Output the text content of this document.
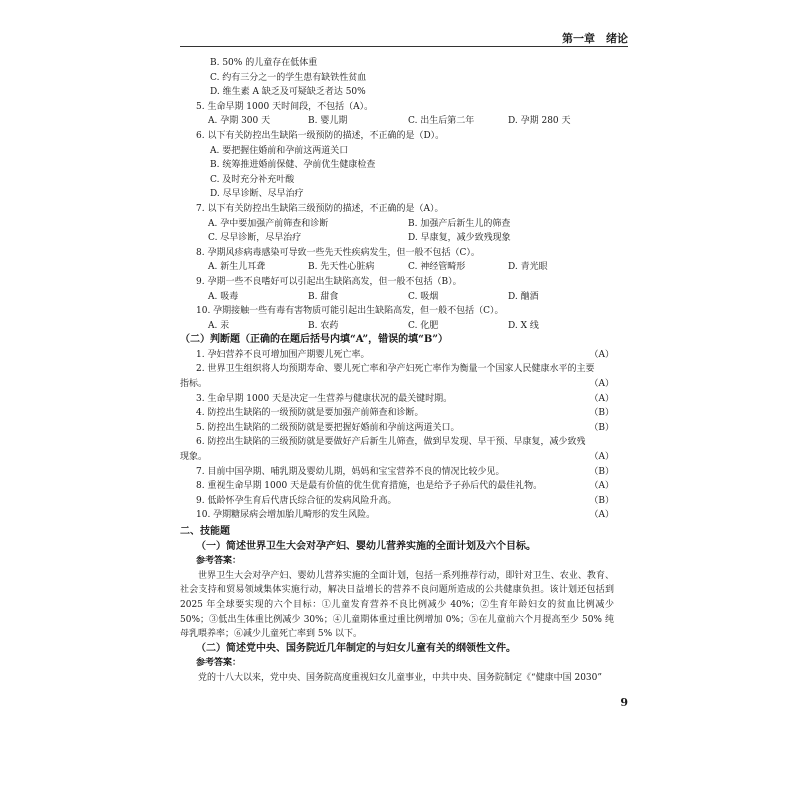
第一章　绪论
B. 50% 的儿童存在低体重
C. 约有三分之一的学生患有缺铁性贫血
D. 维生素 A 缺乏及可疑缺乏者达 50%
5. 生命早期 1000 天时间段，不包括（A）。
A. 孕期 300 天	B. 婴儿期	C. 出生后第二年	D. 孕期 280 天
6. 以下有关防控出生缺陷一级预防的描述，不正确的是（D）。
A. 要把握住婚前和孕前这两道关口
B. 统筹推进婚前保健、孕前优生健康检查
C. 及时充分补充叶酸
D. 尽早诊断、尽早治疗
7. 以下有关防控出生缺陷三级预防的描述，不正确的是（A）。
A. 孕中要加强产前筛查和诊断	B. 加强产后新生儿的筛查
C. 尽早诊断，尽早治疗	D. 早康复，减少致残现象
8. 孕期风疹病毒感染可导致一些先天性疾病发生，但一般不包括（C）。
A. 新生儿耳聋	B. 先天性心脏病	C. 神经管畸形	D. 青光眼
9. 孕期一些不良嗜好可以引起出生缺陷高发，但一般不包括（B）。
A. 吸毒	B. 甜食	C. 吸烟	D. 酗酒
10. 孕期接触一些有毒有害物质可能引起出生缺陷高发，但一般不包括（C）。
A. 汞	B. 农药	C. 化肥	D. X 线
（二）判断题（正确的在题后括号内填“A”，错误的填“B”）
1. 孕妇营养不良可增加围产期婴儿死亡率。	（A）
2. 世界卫生组织将人均预期寿命、婴儿死亡率和孕产妇死亡率作为衡量一个国家人民健康水平的主要
指标。	（A）
3. 生命早期 1000 天是决定一生营养与健康状况的最关键时期。	（A）
4. 防控出生缺陷的一级预防就是要加强产前筛查和诊断。	（B）
5. 防控出生缺陷的二级预防就是要把握好婚前和孕前这两道关口。	（B）
6. 防控出生缺陷的三级预防就是要做好产后新生儿筛查，做到早发现、早干预、早康复，减少致残
现象。	（A）
7. 目前中国孕期、哺乳期及婴幼儿期，妈妈和宝宝营养不良的情况比较少见。	（B）
8. 重视生命早期 1000 天是最有价值的优生优育措施，也是给予子孙后代的最佳礼物。	（A）
9. 低龄怀孕生育后代唐氏综合征的发病风险升高。	（B）
10. 孕期糖尿病会增加胎儿畸形的发生风险。	（A）
二、技能题
（一）简述世界卫生大会对孕产妇、婴幼儿营养实施的全面计划及六个目标。
参考答案：
世界卫生大会对孕产妇、婴幼儿营养实施的全面计划，包括一系列推荐行动，即针对卫生、农业、教育、社会支持和贸易领域集体实施行动，解决日益增长的营养不良问题所造成的公共健康负担。该计划还包括到 2025 年全球要实现的六个目标：①儿童发育营养不良比例减少 40%；②生育年龄妇女的贫血比例减少 50%；③低出生体重比例减少 30%；④儿童期体重过重比例增加 0%；⑤在儿童前六个月提高至少 50% 纯母乳喂养率；⑥减少儿童死亡率到 5% 以下。
（二）简述党中央、国务院近几年制定的与妇女儿童有关的纲领性文件。
参考答案：
党的十八大以来，党中央、国务院高度重视妇女儿童事业，中共中央、国务院制定《“健康中国 2030”
9
